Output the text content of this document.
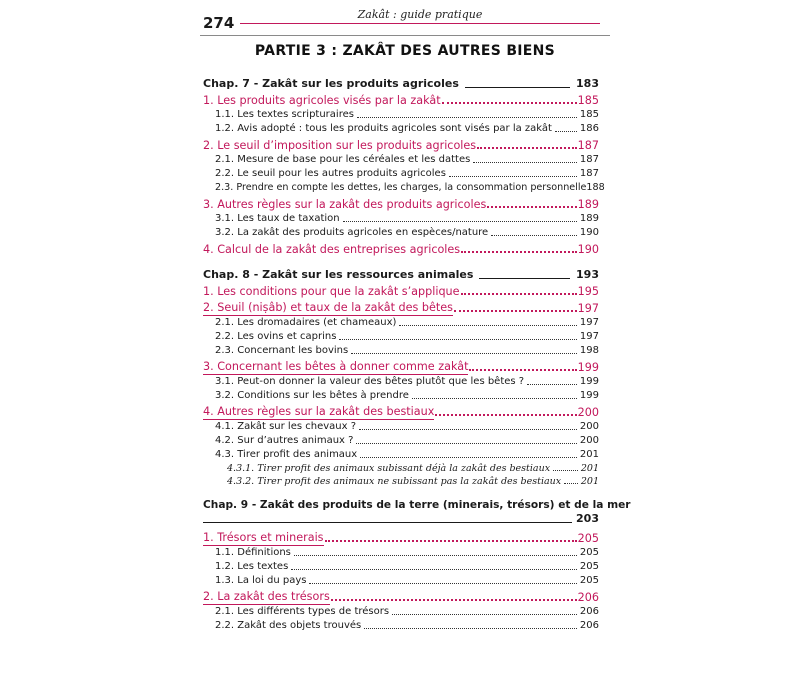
274	Zakât : guide pratique
PARTIE 3 : ZAKÂT DES AUTRES BIENS
Chap. 7 - Zakât sur les produits agricoles	183
1. Les produits agricoles visés par la zakât	185
1.1. Les textes scripturaires	185
1.2. Avis adopté : tous les produits agricoles sont visés par la zakât	186
2. Le seuil d’imposition sur les produits agricoles	187
2.1. Mesure de base pour les céréales et les dattes	187
2.2. Le seuil pour les autres produits agricoles	187
2.3. Prendre en compte les dettes, les charges, la consommation personnelle 188
3. Autres règles sur la zakât des produits agricoles	189
3.1. Les taux de taxation	189
3.2. La zakât des produits agricoles en espèces/nature	190
4. Calcul de la zakât des entreprises agricoles	190
Chap. 8 - Zakât sur les ressources animales	193
1. Les conditions pour que la zakât s’applique	195
2. Seuil (niṣâb) et taux de la zakât des bêtes	197
2.1. Les dromadaires (et chameaux)	197
2.2. Les ovins et caprins	197
2.3. Concernant les bovins	198
3. Concernant les bêtes à donner comme zakât	199
3.1. Peut-on donner la valeur des bêtes plutôt que les bêtes ?	199
3.2. Conditions sur les bêtes à prendre	199
4. Autres règles sur la zakât des bestiaux	200
4.1. Zakât sur les chevaux ?	200
4.2. Sur d’autres animaux ?	200
4.3. Tirer profit des animaux	201
4.3.1. Tirer profit des animaux subissant déjà la zakât des bestiaux	201
4.3.2. Tirer profit des animaux ne subissant pas la zakât des bestiaux 201
Chap. 9 - Zakât des produits de la terre (minerais, trésors) et de la mer
203
1. Trésors et minerais	205
1.1. Définitions	205
1.2. Les textes	205
1.3. La loi du pays	205
2. La zakât des trésors	206
2.1. Les différents types de trésors	206
2.2. Zakât des objets trouvés	206
